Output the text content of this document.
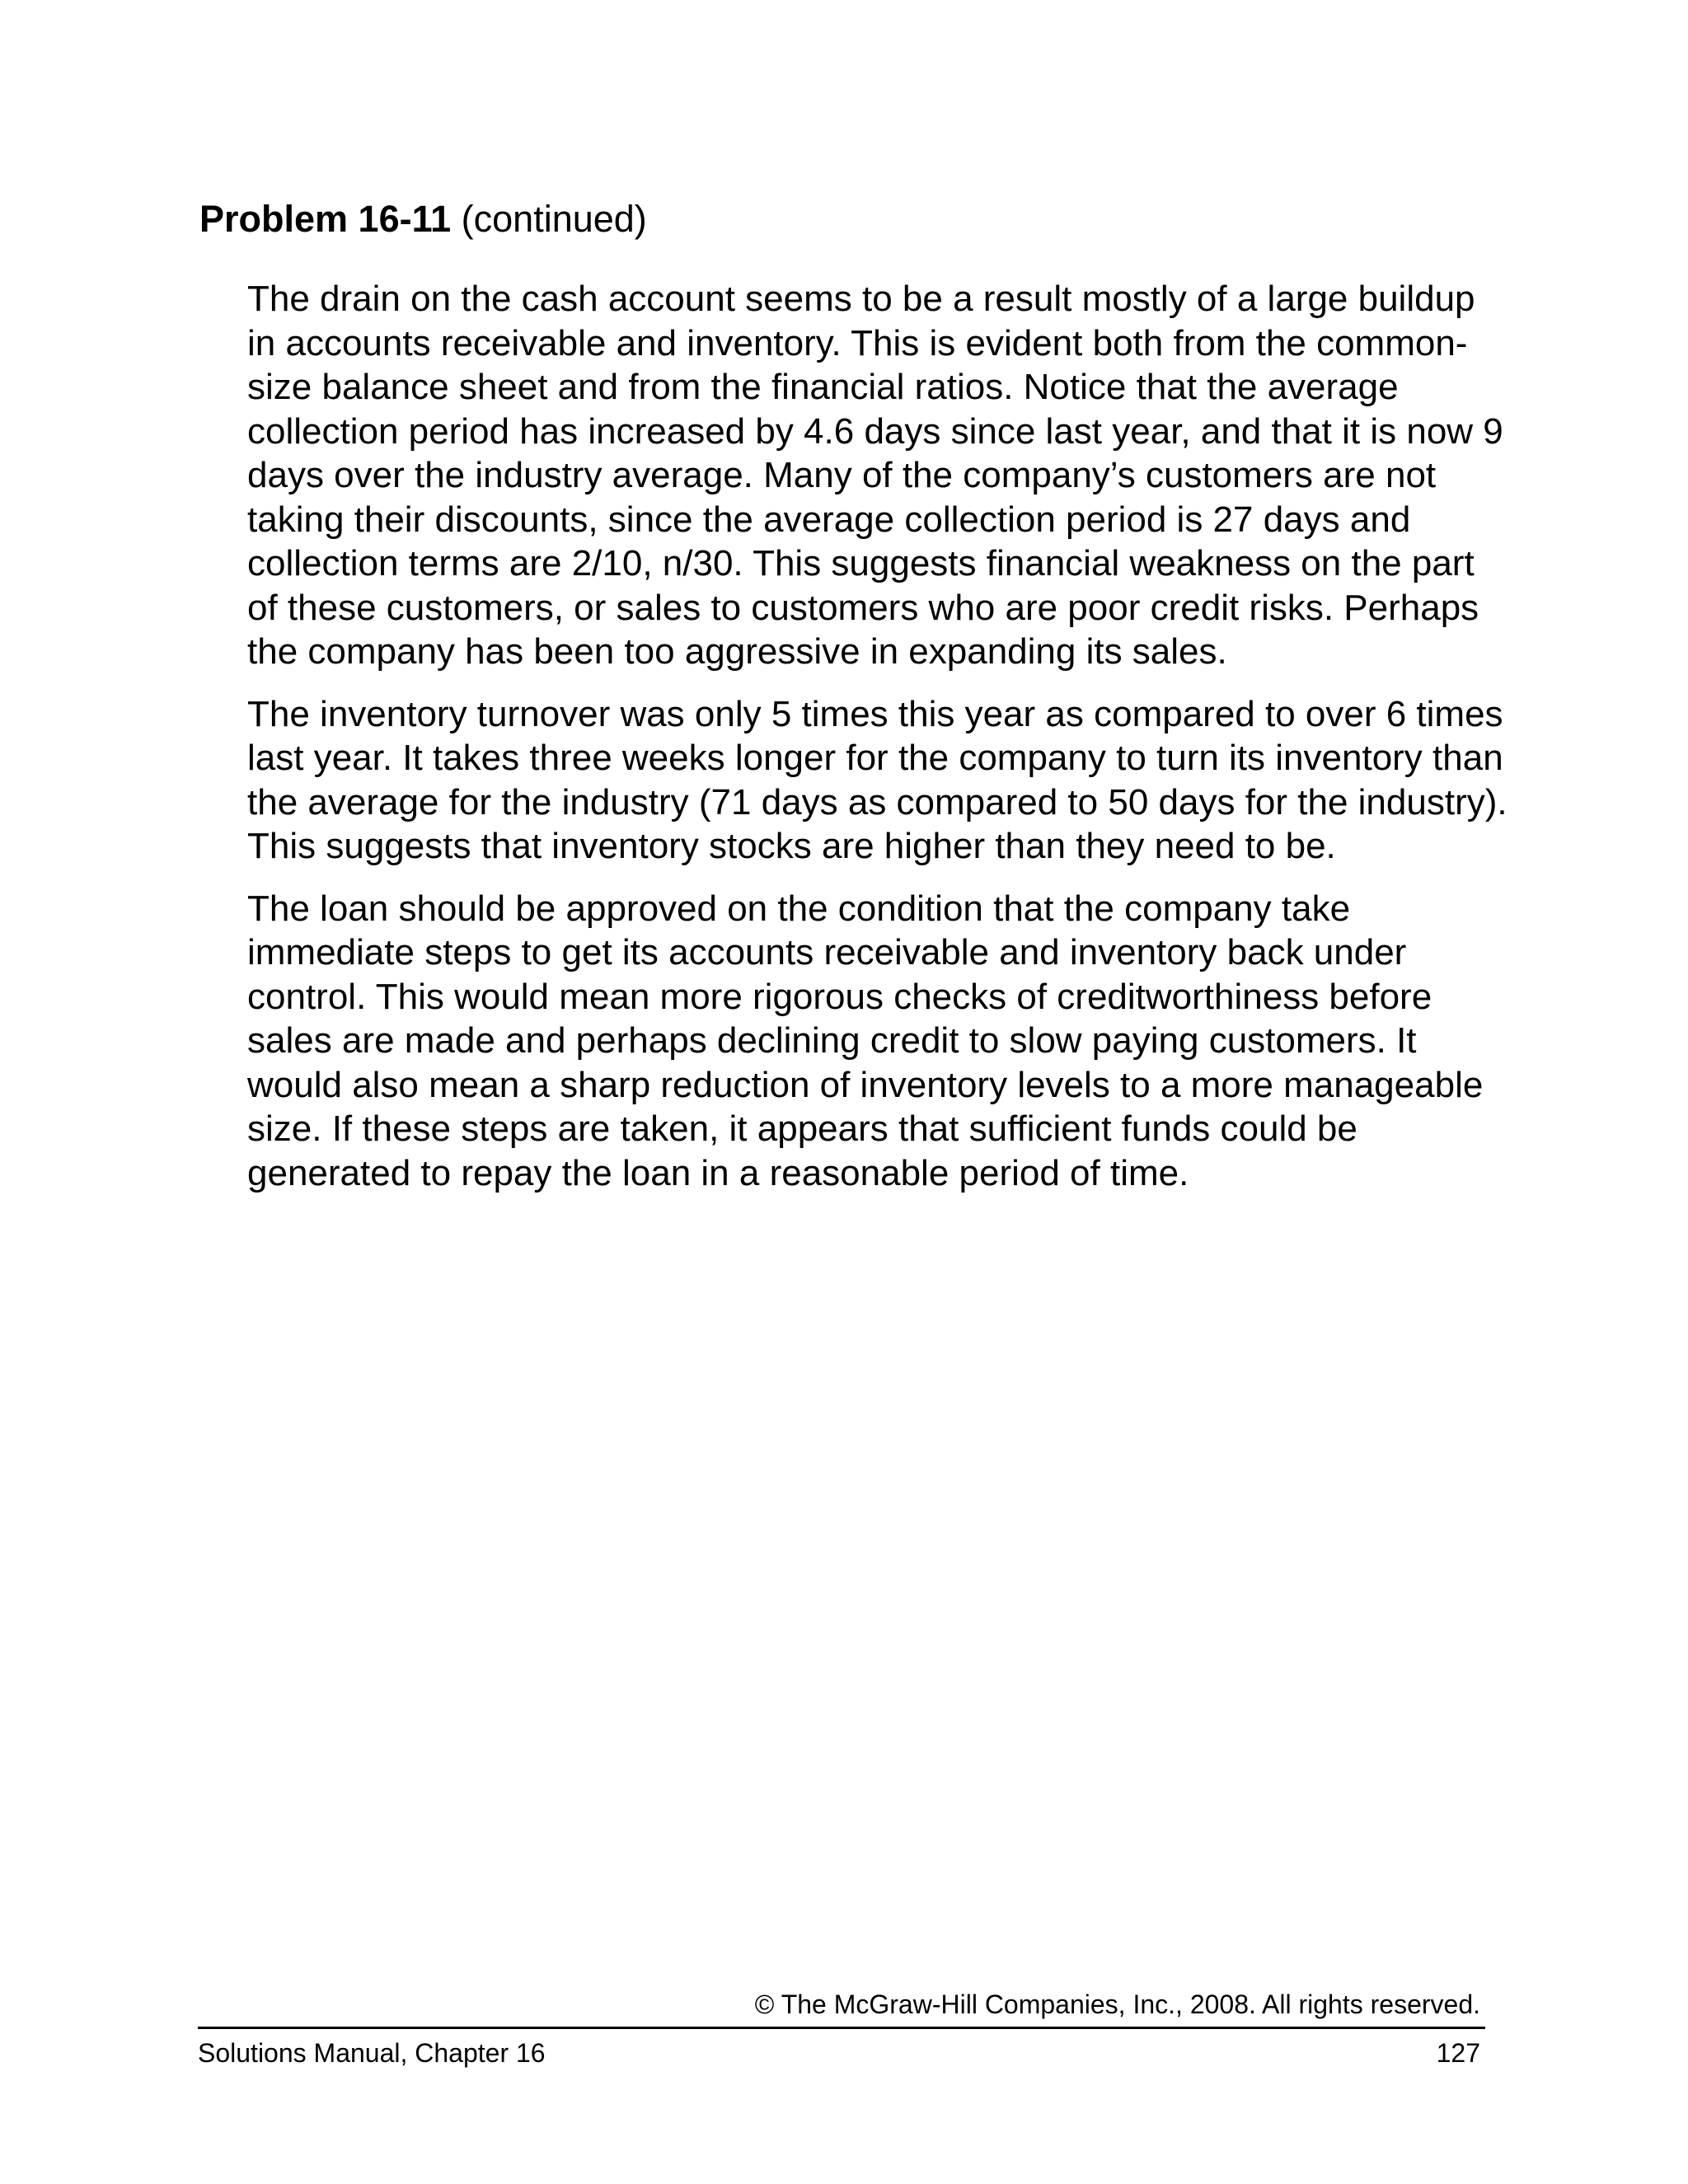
Problem 16-11 (continued)

The drain on the cash account seems to be a result mostly of a large buildup in accounts receivable and inventory. This is evident both from the common-size balance sheet and from the financial ratios. Notice that the average collection period has increased by 4.6 days since last year, and that it is now 9 days over the industry average. Many of the company’s customers are not taking their discounts, since the average collection period is 27 days and collection terms are 2/10, n/30. This suggests financial weakness on the part of these customers, or sales to customers who are poor credit risks. Perhaps the company has been too aggressive in expanding its sales.

The inventory turnover was only 5 times this year as compared to over 6 times last year. It takes three weeks longer for the company to turn its inventory than the average for the industry (71 days as compared to 50 days for the industry). This suggests that inventory stocks are higher than they need to be.

The loan should be approved on the condition that the company take immediate steps to get its accounts receivable and inventory back under control. This would mean more rigorous checks of creditworthiness before sales are made and perhaps declining credit to slow paying customers. It would also mean a sharp reduction of inventory levels to a more manageable size. If these steps are taken, it appears that sufficient funds could be generated to repay the loan in a reasonable period of time.

© The McGraw-Hill Companies, Inc., 2008. All rights reserved.

Solutions Manual, Chapter 16	127
